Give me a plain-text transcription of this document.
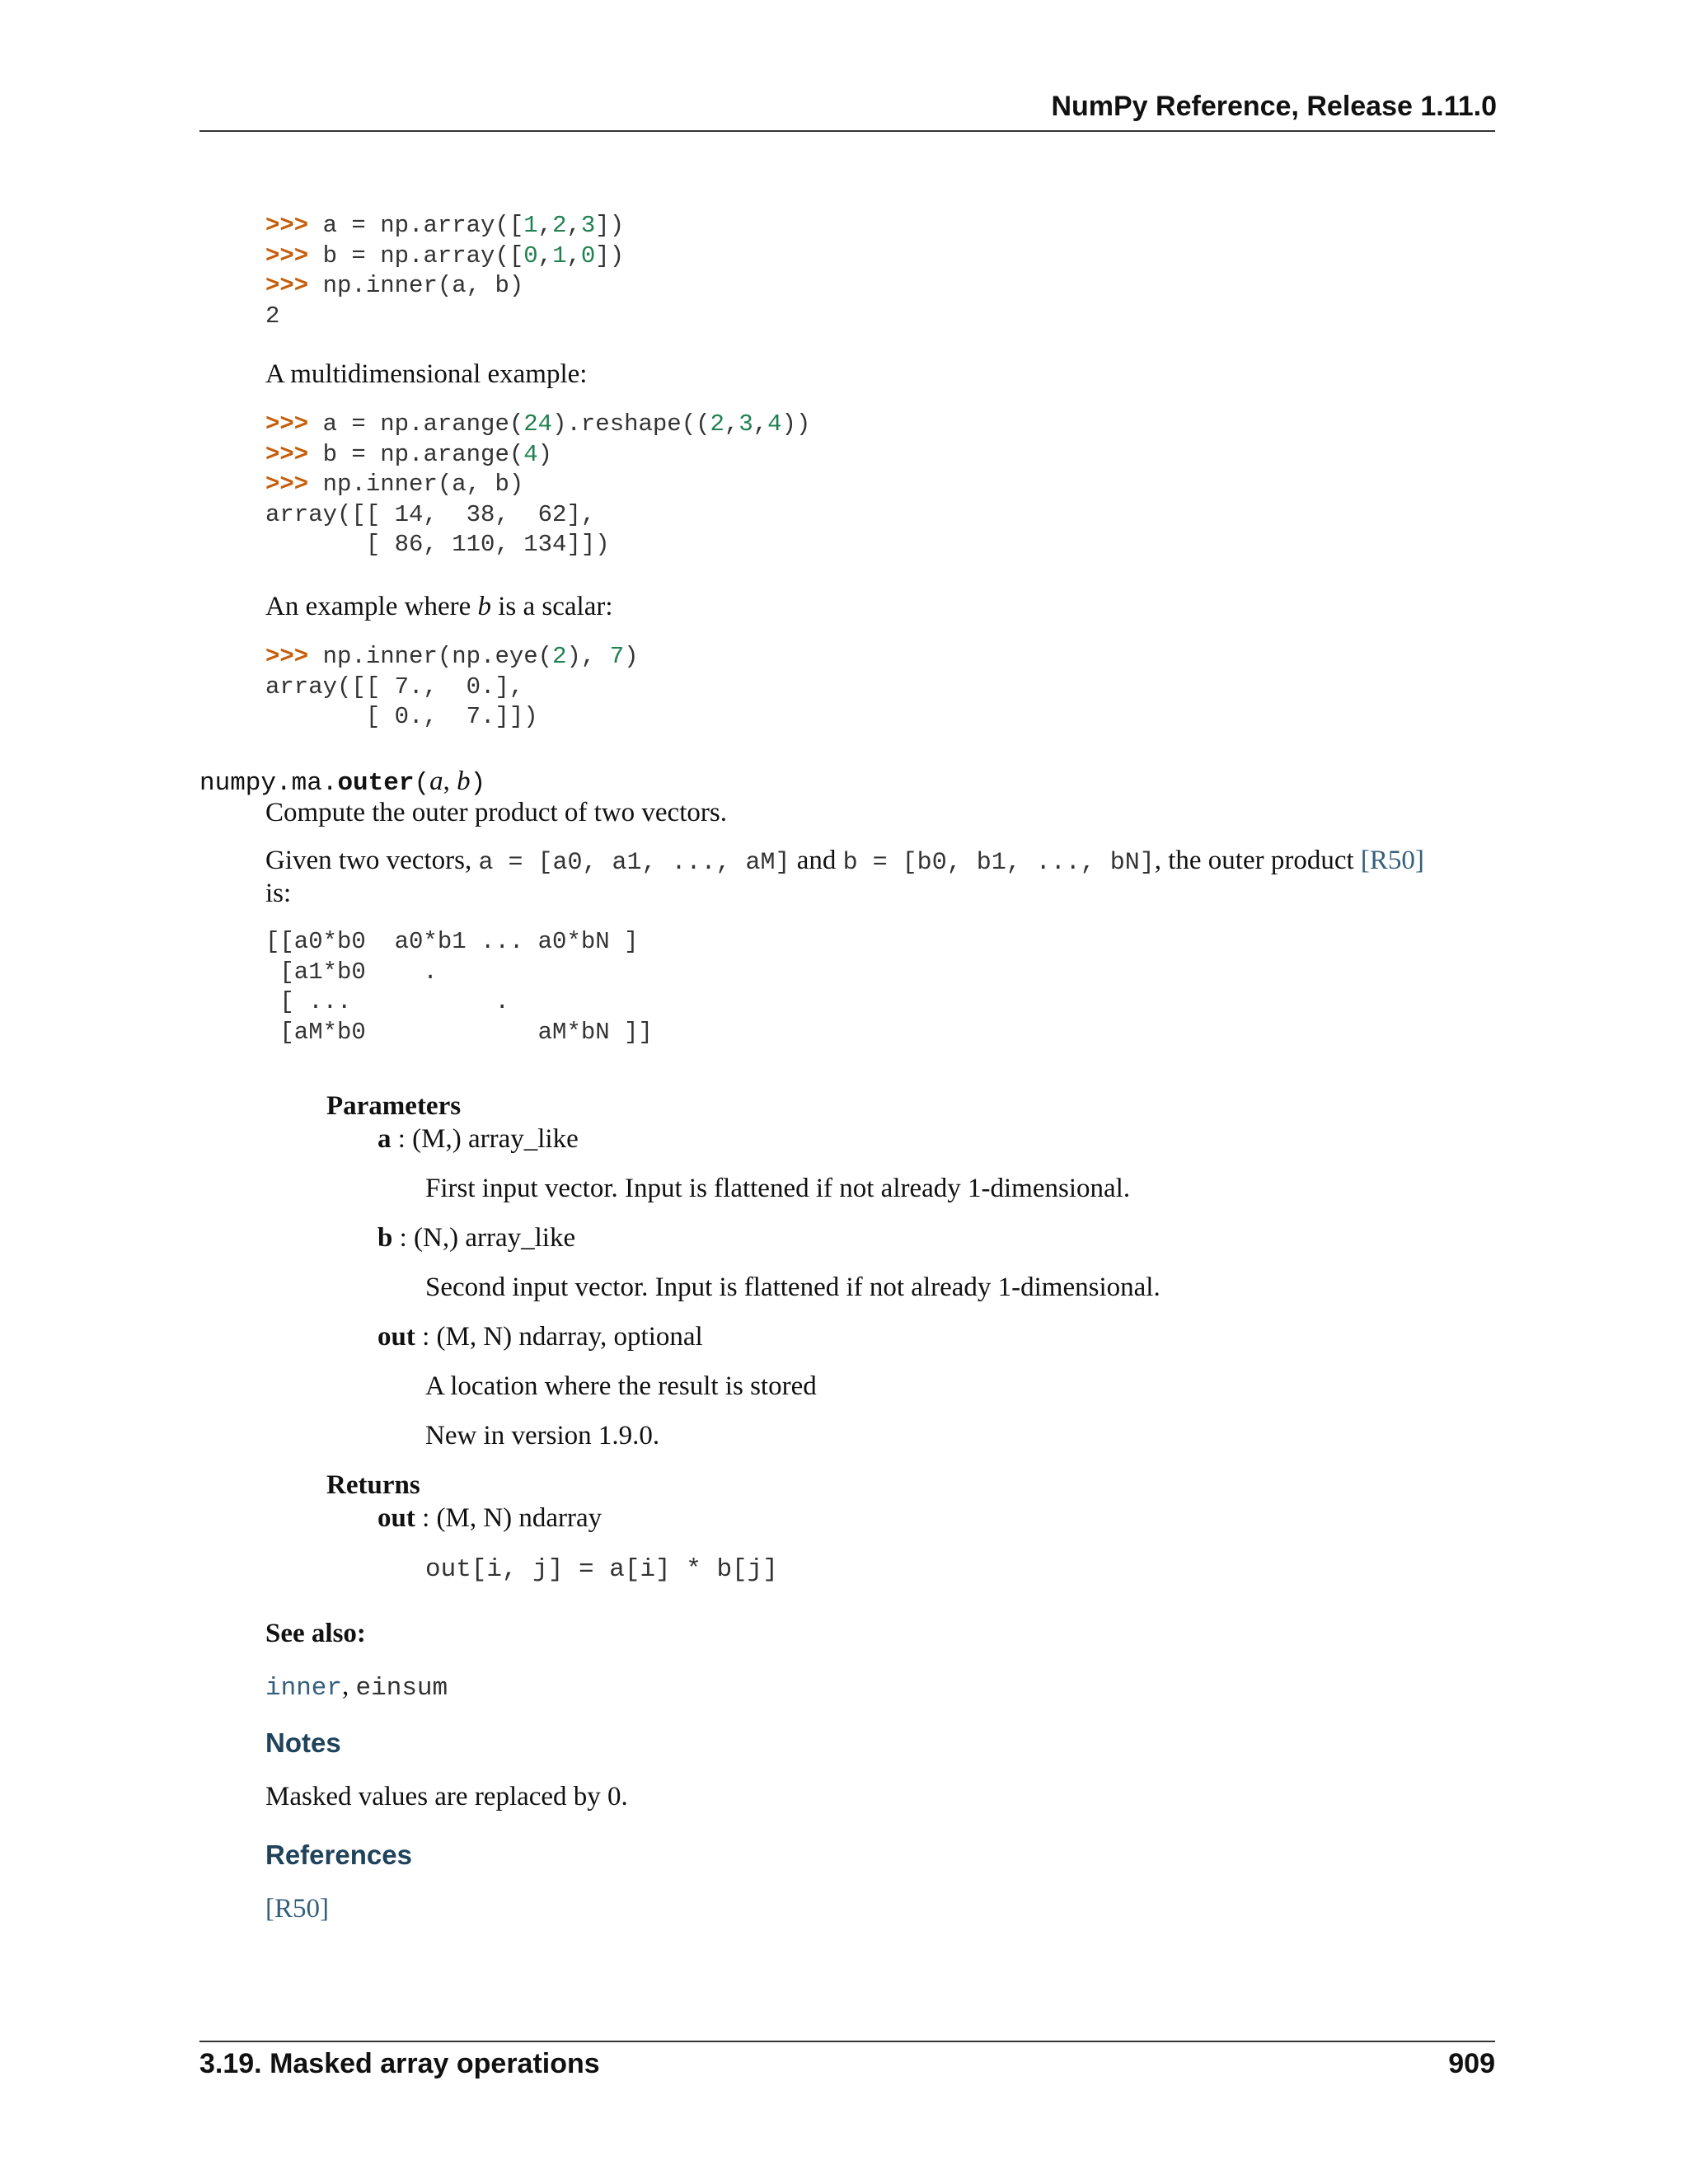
NumPy Reference, Release 1.11.0
>>> a = np.array([1,2,3])
>>> b = np.array([0,1,0])
>>> np.inner(a, b)
2
A multidimensional example:
>>> a = np.arange(24).reshape((2,3,4))
>>> b = np.arange(4)
>>> np.inner(a, b)
array([[ 14,  38,  62],
[ 86, 110, 134]])
An example where b is a scalar:
>>> np.inner(np.eye(2), 7)
array([[ 7.,  0.],
[ 0.,  7.]])
numpy.ma.outer(a, b)
Compute the outer product of two vectors.
Given two vectors, a = [a0, a1, ..., aM] and b = [b0, b1, ..., bN], the outer product [R50]
is:
[[a0*b0  a0*b1 ... a0*bN ]
[a1*b0    .
[ ...          .
[aM*b0            aM*bN ]]
Parameters
a : (M,) array_like
First input vector. Input is flattened if not already 1-dimensional.
b : (N,) array_like
Second input vector. Input is flattened if not already 1-dimensional.
out : (M, N) ndarray, optional
A location where the result is stored
New in version 1.9.0.
Returns
out : (M, N) ndarray
out[i, j] = a[i] * b[j]
See also:
inner, einsum
Notes
Masked values are replaced by 0.
References
[R50]
3.19. Masked array operations	909
